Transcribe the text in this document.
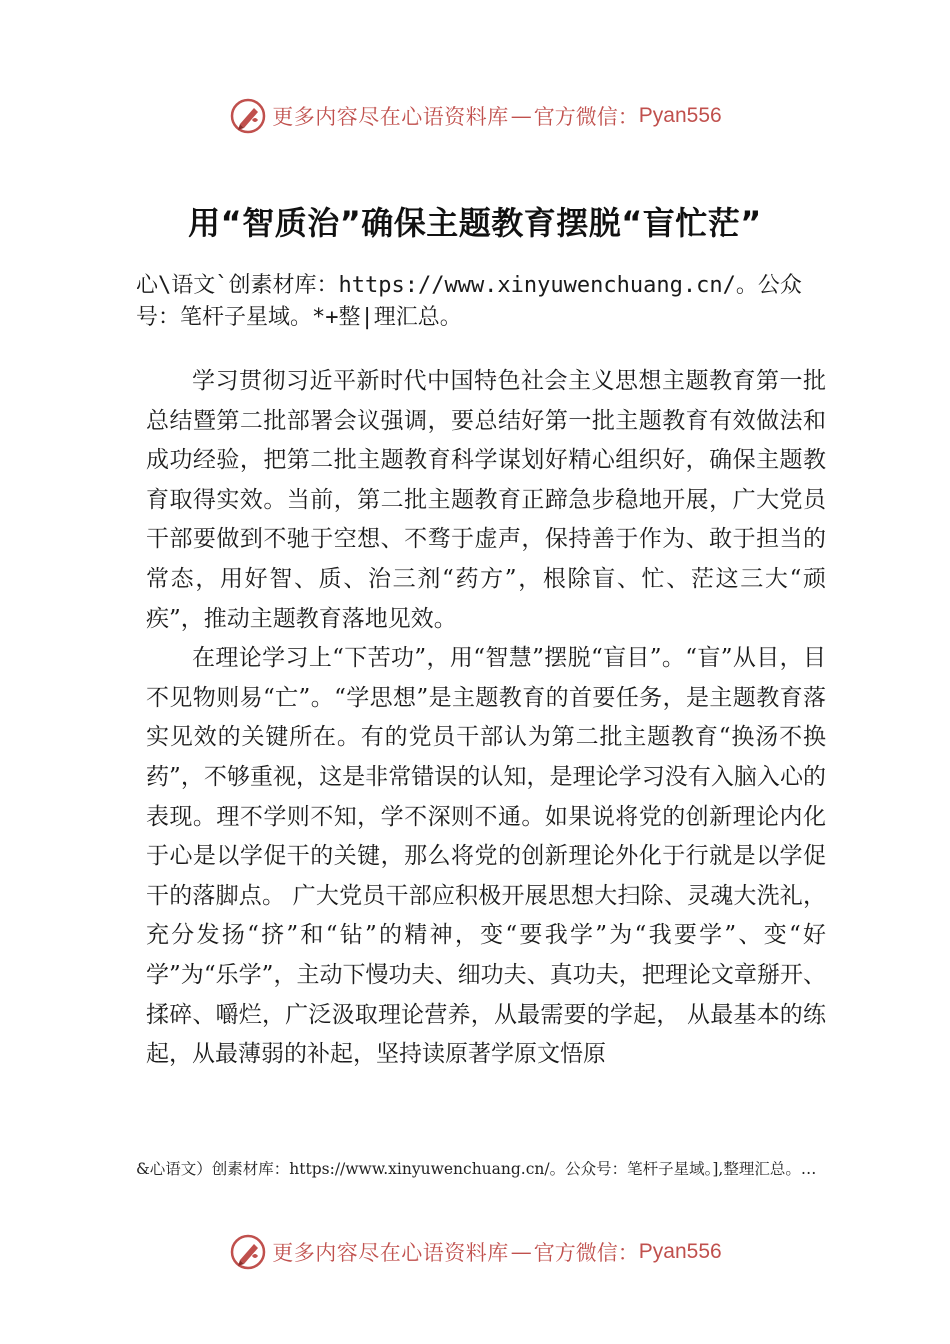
更多内容尽在心语资料库 — 官方微信： Pyan556
用“智质治”确保主题教育摆脱“盲忙茫”
心\语文`创素材库：https://www.xinyuwenchuang.cn/。公众号：笔杆子星域。*+整|理汇总。

学习贯彻习近平新时代中国特色社会主义思想主题教育第一批总结暨第二批部署会议强调，要总结好第一批主题教育有效做法和成功经验，把第二批主题教育科学谋划好精心组织好，确保主题教育取得实效。当前，第二批主题教育正蹄急步稳地开展，广大党员干部要做到不驰于空想、不骛于虚声，保持善于作为、敢于担当的常态，用好智、质、治三剂“药方”，根除盲、忙、茫这三大“顽疾”，推动主题教育落地见效。

在理论学习上“下苦功”，用“智慧”摆脱“盲目”。“盲”从目，目不见物则易“亡”。“学思想”是主题教育的首要任务，是主题教育落实见效的关键所在。有的党员干部认为第二批主题教育“换汤不换药”，不够重视，这是非常错误的认知，是理论学习没有入脑入心的表现。理不学则不知，学不深则不通。如果说将党的创新理论内化于心是以学促干的关键，那么将党的创新理论外化于行就是以学促干的落脚点。 广大党员干部应积极开展思想大扫除、灵魂大洗礼，充分发扬“挤”和“钻”的精神，变“要我学”为“我要学”、变“好学”为“乐学”，主动下慢功夫、细功夫、真功夫，把理论文章掰开、揉碎、嚼烂，广泛汲取理论营养，从最需要的学起， 从最基本的练起，从最薄弱的补起，坚持读原著学原文悟原

&心语文）创素材库：https://www.xinyuwenchuang.cn/。公众号：笔杆子星域。],整理汇总。…
更多内容尽在心语资料库 — 官方微信： Pyan556
